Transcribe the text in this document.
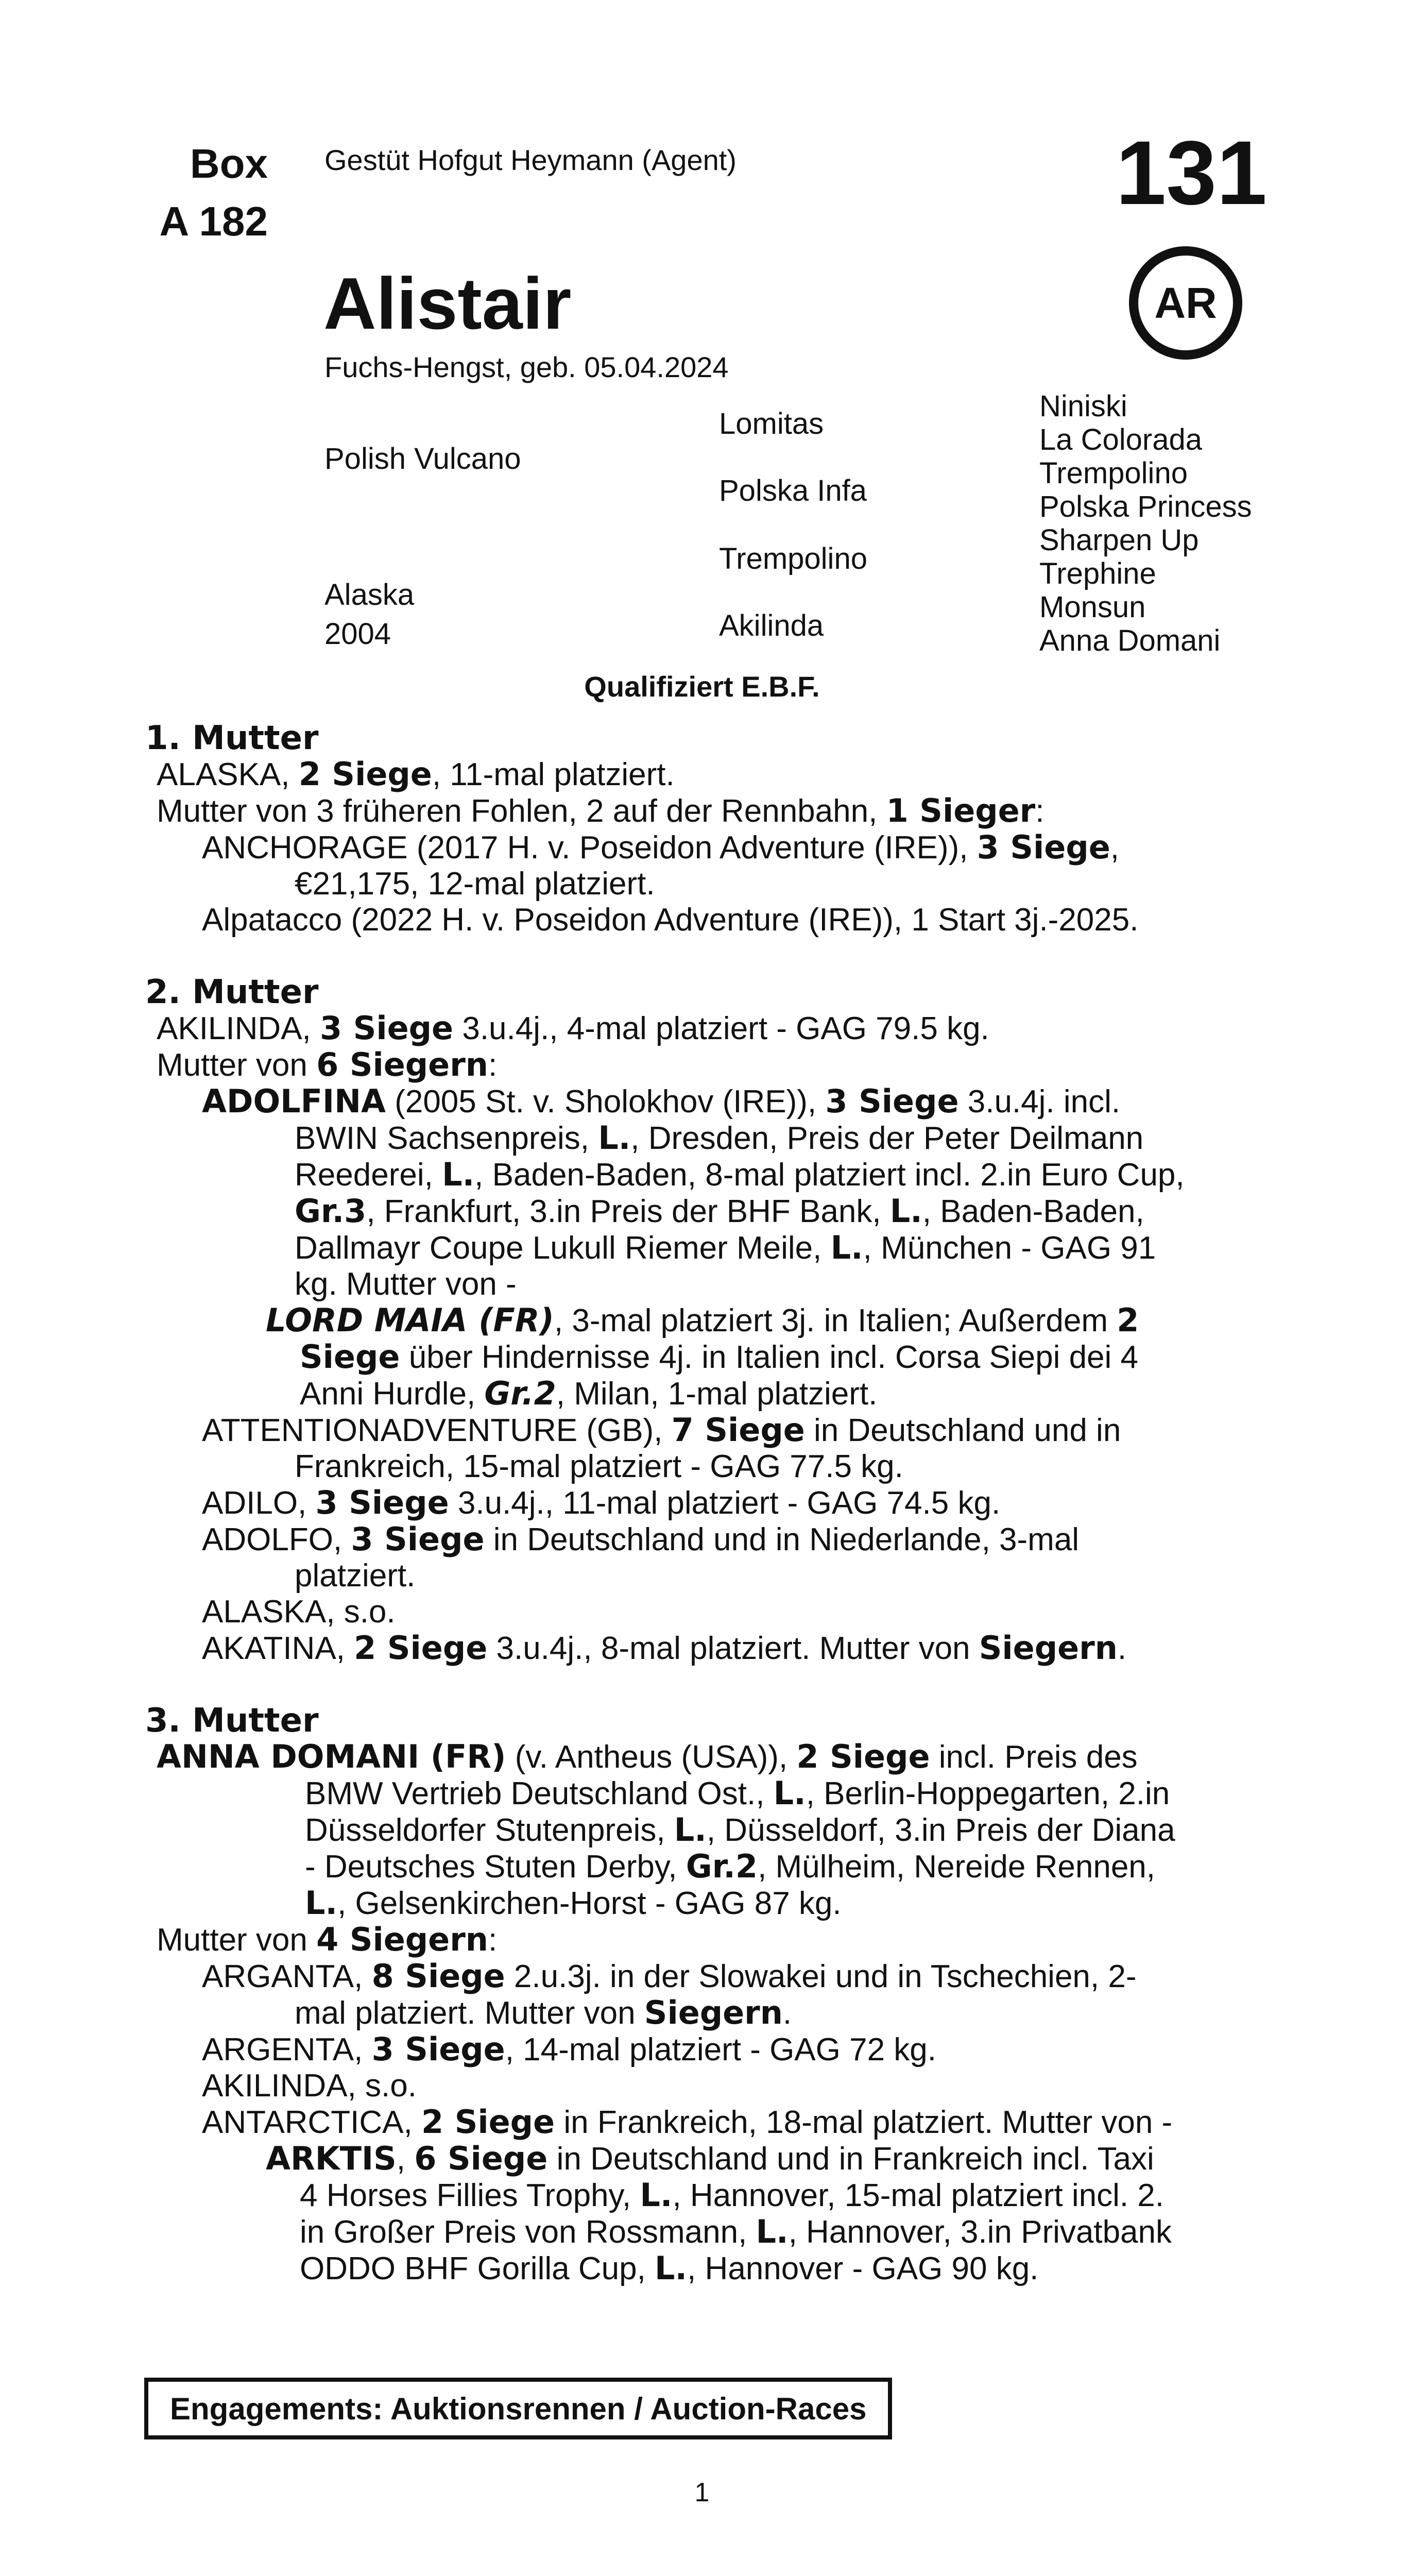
Box
A 182
Gestüt Hofgut Heymann (Agent)	131
AR
Alistair
Fuchs-Hengst, geb. 05.04.2024
Polish Vulcano
Alaska
2004
Lomitas
Polska Infa
Trempolino
Akilinda
Niniski
La Colorada
Trempolino
Polska Princess
Sharpen Up
Trephine
Monsun
Anna Domani
Qualifiziert E.B.F.
1. Mutter
ALASKA, 2 Siege, 11-mal platziert.
Mutter von 3 früheren Fohlen, 2 auf der Rennbahn, 1 Sieger:
ANCHORAGE (2017 H. v. Poseidon Adventure (IRE)), 3 Siege,
€21,175, 12-mal platziert.
Alpatacco (2022 H. v. Poseidon Adventure (IRE)), 1 Start 3j.-2025.
2. Mutter
AKILINDA, 3 Siege 3.u.4j., 4-mal platziert - GAG 79.5 kg.
Mutter von 6 Siegern:
ADOLFINA (2005 St. v. Sholokhov (IRE)), 3 Siege 3.u.4j. incl.
BWIN Sachsenpreis, L., Dresden, Preis der Peter Deilmann
Reederei, L., Baden-Baden, 8-mal platziert incl. 2.in Euro Cup,
Gr.3, Frankfurt, 3.in Preis der BHF Bank, L., Baden-Baden,
Dallmayr Coupe Lukull Riemer Meile, L., München - GAG 91
kg. Mutter von -
LORD MAIA (FR), 3-mal platziert 3j. in Italien; Außerdem 2
Siege über Hindernisse 4j. in Italien incl. Corsa Siepi dei 4
Anni Hurdle, Gr.2, Milan, 1-mal platziert.
ATTENTIONADVENTURE (GB), 7 Siege in Deutschland und in
Frankreich, 15-mal platziert - GAG 77.5 kg.
ADILO, 3 Siege 3.u.4j., 11-mal platziert - GAG 74.5 kg.
ADOLFO, 3 Siege in Deutschland und in Niederlande, 3-mal
platziert.
ALASKA, s.o.
AKATINA, 2 Siege 3.u.4j., 8-mal platziert. Mutter von Siegern.
3. Mutter
ANNA DOMANI (FR) (v. Antheus (USA)), 2 Siege incl. Preis des
BMW Vertrieb Deutschland Ost., L., Berlin-Hoppegarten, 2.in
Düsseldorfer Stutenpreis, L., Düsseldorf, 3.in Preis der Diana
- Deutsches Stuten Derby, Gr.2, Mülheim, Nereide Rennen,
L., Gelsenkirchen-Horst - GAG 87 kg.
Mutter von 4 Siegern:
ARGANTA, 8 Siege 2.u.3j. in der Slowakei und in Tschechien, 2-
mal platziert. Mutter von Siegern.
ARGENTA, 3 Siege, 14-mal platziert - GAG 72 kg.
AKILINDA, s.o.
ANTARCTICA, 2 Siege in Frankreich, 18-mal platziert. Mutter von -
ARKTIS, 6 Siege in Deutschland und in Frankreich incl. Taxi
4 Horses Fillies Trophy, L., Hannover, 15-mal platziert incl. 2.
in Großer Preis von Rossmann, L., Hannover, 3.in Privatbank
ODDO BHF Gorilla Cup, L., Hannover - GAG 90 kg.
Engagements: Auktionsrennen / Auction-Races
1
